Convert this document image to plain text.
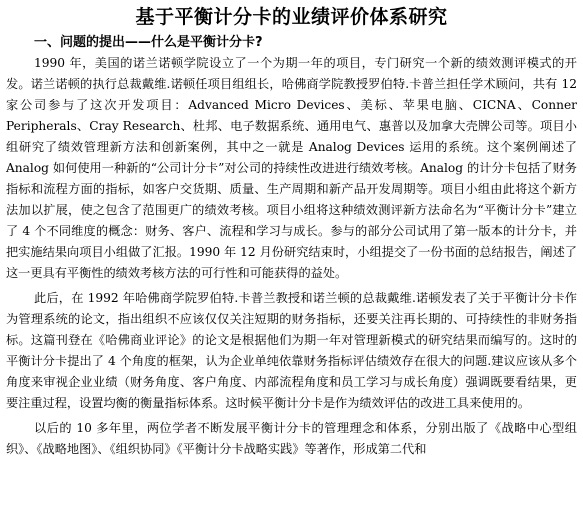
基于平衡计分卡的业绩评价体系研究
一、问题的提出——什么是平衡计分卡?

1990 年，美国的诺兰诺顿学院设立了一个为期一年的项目，专门研究一个新的绩效测评模式的开发。诺兰诺顿的执行总裁戴维.诺顿任项目组组长，哈佛商学院教授罗伯特.卡普兰担任学术顾问，共有 12 家公司参与了这次开发项目：Advanced Micro Devices、美标、苹果电脑、CICNA、Conner Peripherals、Cray Research、杜邦、电子数据系统、通用电气、惠普以及加拿大壳牌公司等。项目小组研究了绩效管理新方法和创新案例，其中之一就是 Analog Devices 运用的系统。这个案例阐述了 Analog 如何使用一种新的“公司计分卡”对公司的持续性改进进行绩效考核。Analog 的计分卡包括了财务指标和流程方面的指标，如客户交货期、质量、生产周期和新产品开发周期等。项目小组由此将这个新方法加以扩展，使之包含了范围更广的绩效考核。项目小组将这种绩效测评新方法命名为“平衡计分卡”建立了 4 个不同维度的概念：财务、客户、流程和学习与成长。参与的部分公司试用了第一版本的计分卡，并把实施结果向项目小组做了汇报。1990 年 12 月份研究结束时，小组提交了一份书面的总结报告，阐述了这一更具有平衡性的绩效考核方法的可行性和可能获得的益处。

此后，在 1992 年哈佛商学院罗伯特.卡普兰教授和诺兰顿的总裁戴维.诺顿发表了关于平衡计分卡作为管理系统的论文，指出组织不应该仅仅关注短期的财务指标，还要关注再长期的、可持续性的非财务指标。这篇刊登在《哈佛商业评论》的论文是根据他们为期一年对管理新模式的研究结果而编写的。这时的平衡计分卡提出了 4 个角度的框架，认为企业单纯依靠财务指标评估绩效存在很大的问题.建议应该从多个角度来审视企业业绩（财务角度、客户角度、内部流程角度和员工学习与成长角度）强调既要看结果，更要注重过程，设置均衡的衡量指标体系。这时候平衡计分卡是作为绩效评估的改进工具来使用的。

以后的 10 多年里，两位学者不断发展平衡计分卡的管理理念和体系，分别出版了《战略中心型组织》、《战略地图》、《组织协同》《平衡计分卡战略实践》等著作，形成第二代和
